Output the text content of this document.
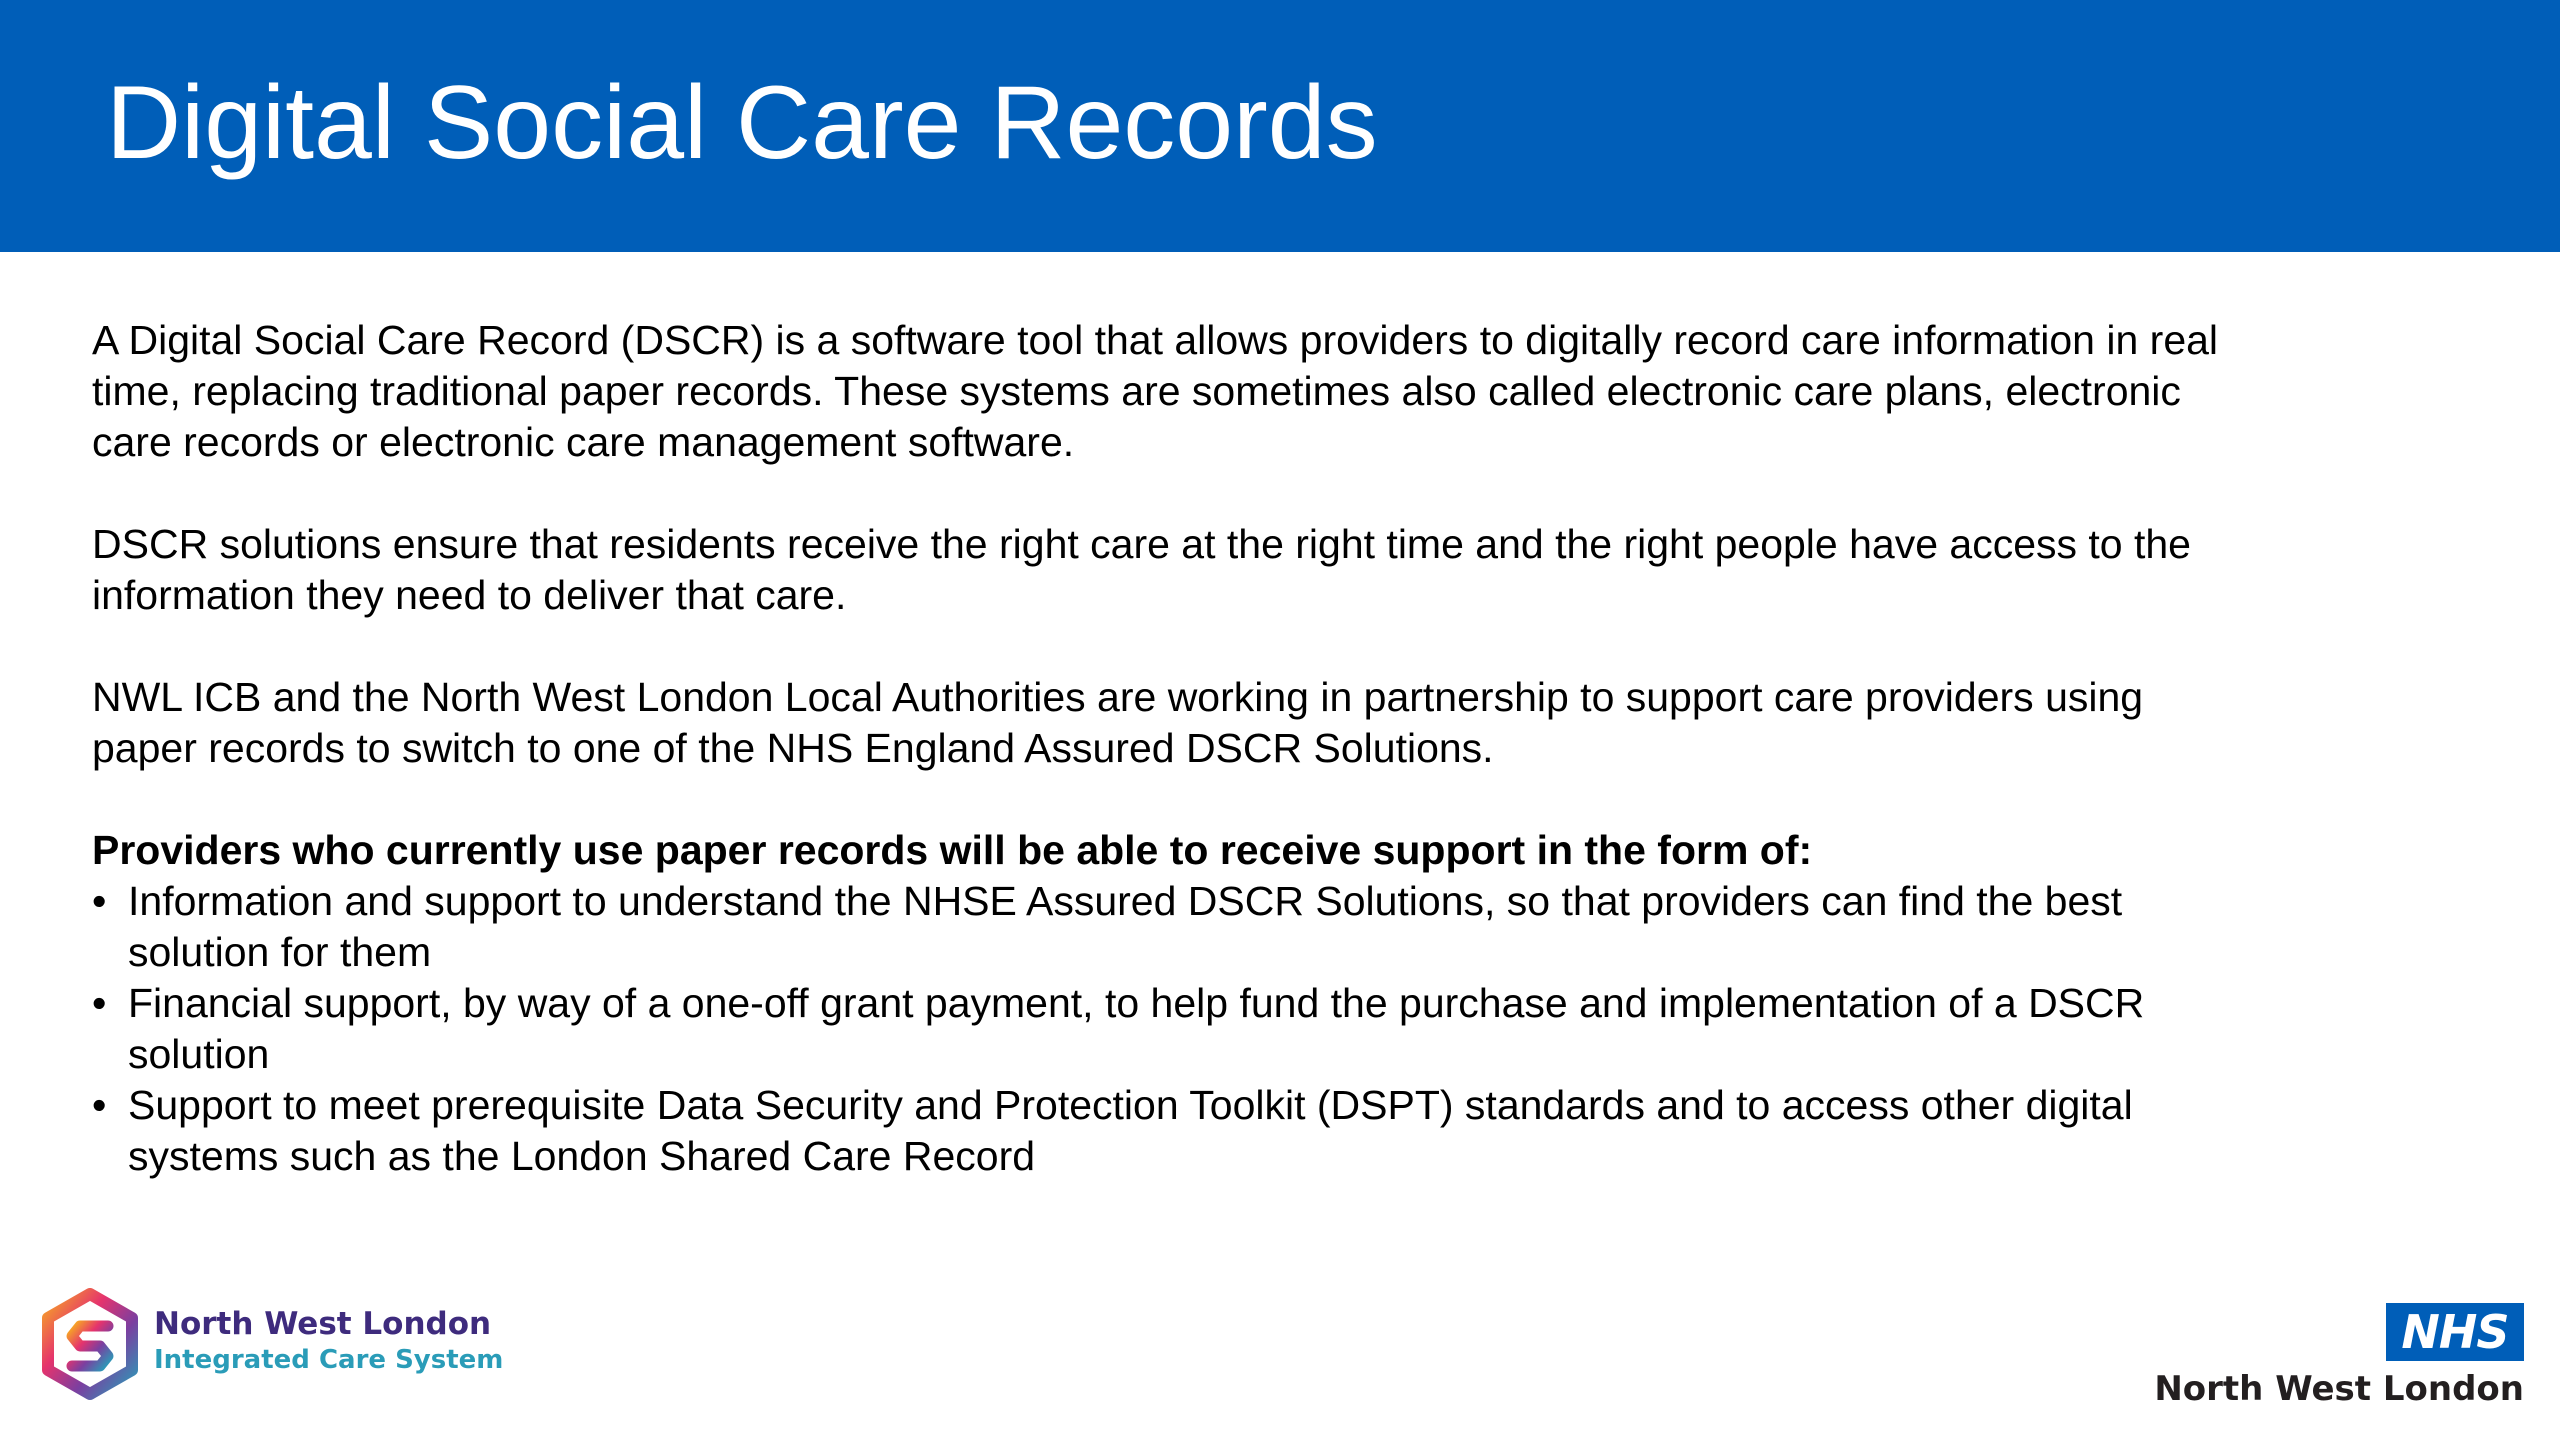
Digital Social Care Records

A Digital Social Care Record (DSCR) is a software tool that allows providers to digitally record care information in real time, replacing traditional paper records. These systems are sometimes also called electronic care plans, electronic care records or electronic care management software.

DSCR solutions ensure that residents receive the right care at the right time and the right people have access to the information they need to deliver that care.

NWL ICB and the North West London Local Authorities are working in partnership to support care providers using paper records to switch to one of the NHS England Assured DSCR Solutions.

Providers who currently use paper records will be able to receive support in the form of:

• Information and support to understand the NHSE Assured DSCR Solutions, so that providers can find the best solution for them
• Financial support, by way of a one-off grant payment, to help fund the purchase and implementation of a DSCR solution
• Support to meet prerequisite Data Security and Protection Toolkit (DSPT) standards and to access other digital systems such as the London Shared Care Record
North West London
Integrated Care System
NHS
North West London
